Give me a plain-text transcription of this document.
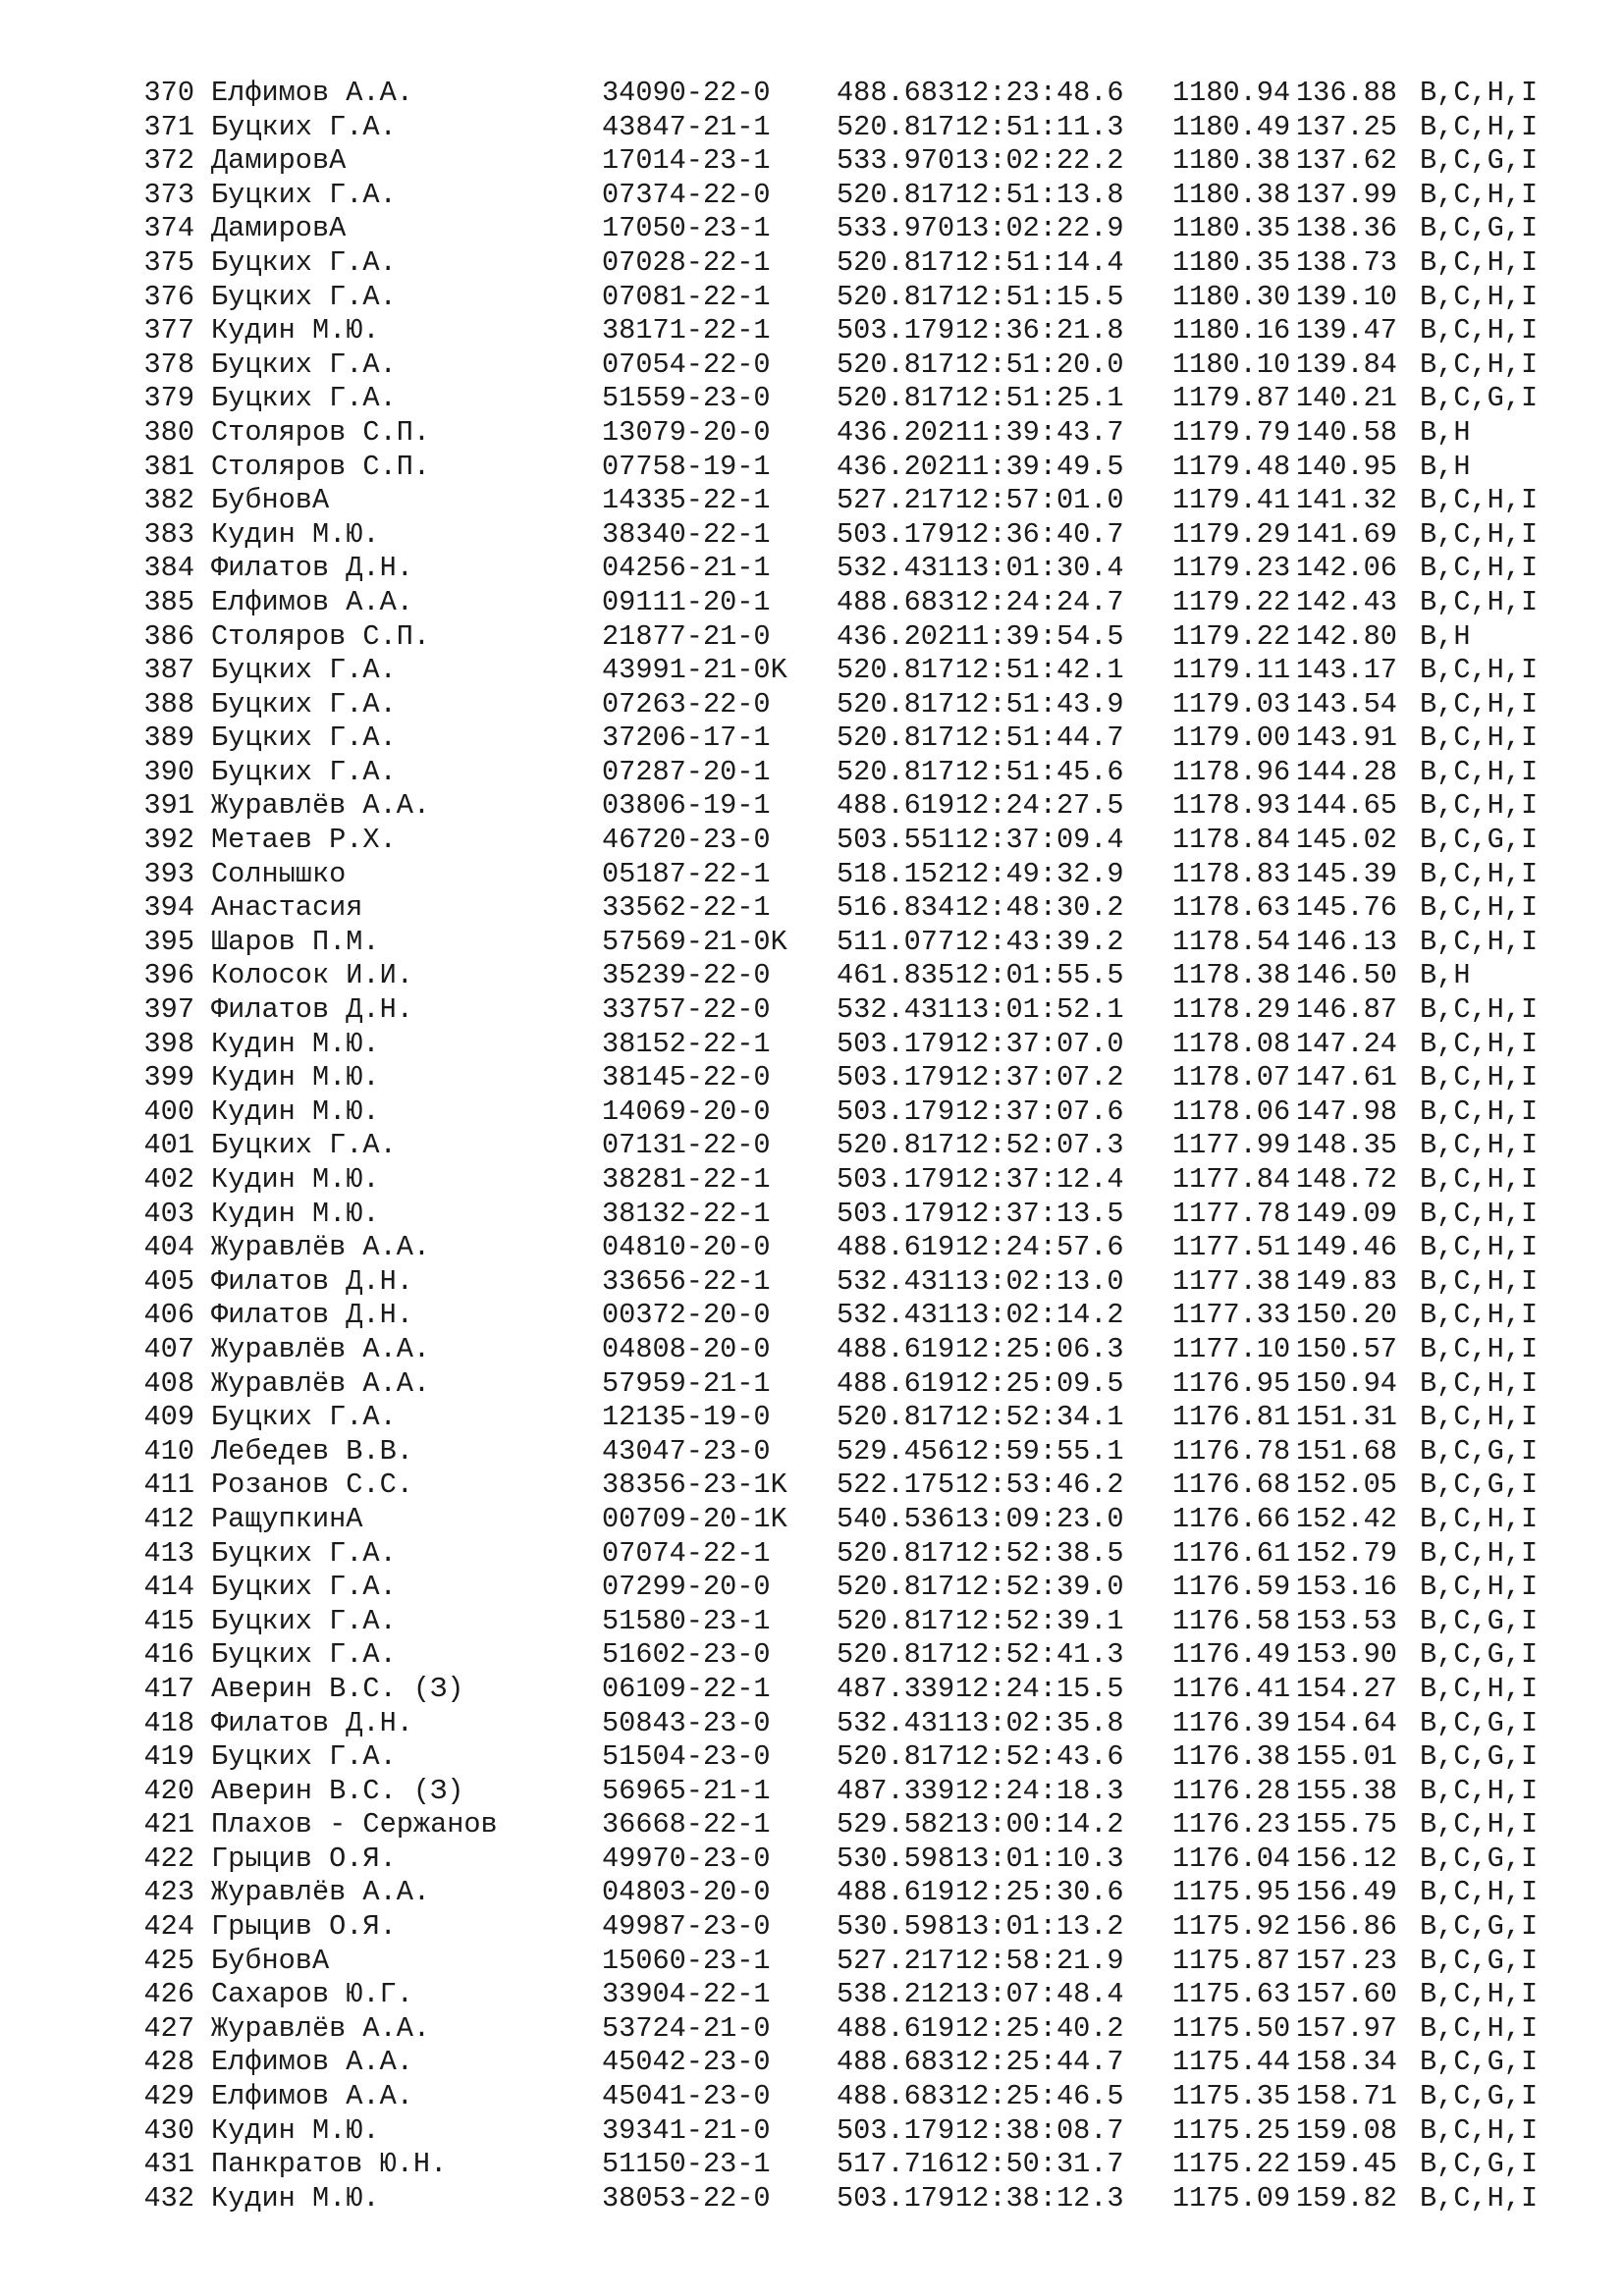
370 Елфимов А.А.	34090-22-0 488.68312:23:48.6 1180.94 136.88 B,C,H,I
371 Буцких Г.А.	43847-21-1 520.81712:51:11.3 1180.49 137.25 B,C,H,I
372 ДамировА	17014-23-1 533.97013:02:22.2 1180.38 137.62 B,C,G,I
373 Буцких Г.А.	07374-22-0 520.81712:51:13.8 1180.38 137.99 B,C,H,I
374 ДамировА	17050-23-1 533.97013:02:22.9 1180.35 138.36 B,C,G,I
375 Буцких Г.А.	07028-22-1 520.81712:51:14.4 1180.35 138.73 B,C,H,I
376 Буцких Г.А.	07081-22-1 520.81712:51:15.5 1180.30 139.10 B,C,H,I
377 Кудин М.Ю.	38171-22-1 503.17912:36:21.8 1180.16 139.47 B,C,H,I
378 Буцких Г.А.	07054-22-0 520.81712:51:20.0 1180.10 139.84 B,C,H,I
379 Буцких Г.А.	51559-23-0 520.81712:51:25.1 1179.87 140.21 B,C,G,I
380 Столяров С.П.	13079-20-0 436.20211:39:43.7 1179.79 140.58 B,H
381 Столяров С.П.	07758-19-1 436.20211:39:49.5 1179.48 140.95 B,H
382 БубновА	14335-22-1 527.21712:57:01.0 1179.41 141.32 B,C,H,I
383 Кудин М.Ю.	38340-22-1 503.17912:36:40.7 1179.29 141.69 B,C,H,I
384 Филатов Д.Н.	04256-21-1 532.43113:01:30.4 1179.23 142.06 B,C,H,I
385 Елфимов А.А.	09111-20-1 488.68312:24:24.7 1179.22 142.43 B,C,H,I
386 Столяров С.П.	21877-21-0 436.20211:39:54.5 1179.22 142.80 B,H
387 Буцких Г.А.	43991-21-0K 520.81712:51:42.1 1179.11 143.17 B,C,H,I
388 Буцких Г.А.	07263-22-0 520.81712:51:43.9 1179.03 143.54 B,C,H,I
389 Буцких Г.А.	37206-17-1 520.81712:51:44.7 1179.00 143.91 B,C,H,I
390 Буцких Г.А.	07287-20-1 520.81712:51:45.6 1178.96 144.28 B,C,H,I
391 Журавлёв А.А.	03806-19-1 488.61912:24:27.5 1178.93 144.65 B,C,H,I
392 Метаев Р.Х.	46720-23-0 503.55112:37:09.4 1178.84 145.02 B,C,G,I
393 Солнышко	05187-22-1 518.15212:49:32.9 1178.83 145.39 B,C,H,I
394 Анастасия	33562-22-1 516.83412:48:30.2 1178.63 145.76 B,C,H,I
395 Шаров П.М.	57569-21-0K 511.07712:43:39.2 1178.54 146.13 B,C,H,I
396 Колосок И.И.	35239-22-0 461.83512:01:55.5 1178.38 146.50 B,H
397 Филатов Д.Н.	33757-22-0 532.43113:01:52.1 1178.29 146.87 B,C,H,I
398 Кудин М.Ю.	38152-22-1 503.17912:37:07.0 1178.08 147.24 B,C,H,I
399 Кудин М.Ю.	38145-22-0 503.17912:37:07.2 1178.07 147.61 B,C,H,I
400 Кудин М.Ю.	14069-20-0 503.17912:37:07.6 1178.06 147.98 B,C,H,I
401 Буцких Г.А.	07131-22-0 520.81712:52:07.3 1177.99 148.35 B,C,H,I
402 Кудин М.Ю.	38281-22-1 503.17912:37:12.4 1177.84 148.72 B,C,H,I
403 Кудин М.Ю.	38132-22-1 503.17912:37:13.5 1177.78 149.09 B,C,H,I
404 Журавлёв А.А.	04810-20-0 488.61912:24:57.6 1177.51 149.46 B,C,H,I
405 Филатов Д.Н.	33656-22-1 532.43113:02:13.0 1177.38 149.83 B,C,H,I
406 Филатов Д.Н.	00372-20-0 532.43113:02:14.2 1177.33 150.20 B,C,H,I
407 Журавлёв А.А.	04808-20-0 488.61912:25:06.3 1177.10 150.57 B,C,H,I
408 Журавлёв А.А.	57959-21-1 488.61912:25:09.5 1176.95 150.94 B,C,H,I
409 Буцких Г.А.	12135-19-0 520.81712:52:34.1 1176.81 151.31 B,C,H,I
410 Лебедев В.В.	43047-23-0 529.45612:59:55.1 1176.78 151.68 B,C,G,I
411 Розанов С.С.	38356-23-1K 522.17512:53:46.2 1176.68 152.05 B,C,G,I
412 РащупкинА	00709-20-1K 540.53613:09:23.0 1176.66 152.42 B,C,H,I
413 Буцких Г.А.	07074-22-1 520.81712:52:38.5 1176.61 152.79 B,C,H,I
414 Буцких Г.А.	07299-20-0 520.81712:52:39.0 1176.59 153.16 B,C,H,I
415 Буцких Г.А.	51580-23-1 520.81712:52:39.1 1176.58 153.53 B,C,G,I
416 Буцких Г.А.	51602-23-0 520.81712:52:41.3 1176.49 153.90 B,C,G,I
417 Аверин В.С. (З)	06109-22-1 487.33912:24:15.5 1176.41 154.27 B,C,H,I
418 Филатов Д.Н.	50843-23-0 532.43113:02:35.8 1176.39 154.64 B,C,G,I
419 Буцких Г.А.	51504-23-0 520.81712:52:43.6 1176.38 155.01 B,C,G,I
420 Аверин В.С. (З)	56965-21-1 487.33912:24:18.3 1176.28 155.38 B,C,H,I
421 Плахов - Сержанов	36668-22-1 529.58213:00:14.2 1176.23 155.75 B,C,H,I
422 Грыцив О.Я.	49970-23-0 530.59813:01:10.3 1176.04 156.12 B,C,G,I
423 Журавлёв А.А.	04803-20-0 488.61912:25:30.6 1175.95 156.49 B,C,H,I
424 Грыцив О.Я.	49987-23-0 530.59813:01:13.2 1175.92 156.86 B,C,G,I
425 БубновА	15060-23-1 527.21712:58:21.9 1175.87 157.23 B,C,G,I
426 Сахаров Ю.Г.	33904-22-1 538.21213:07:48.4 1175.63 157.60 B,C,H,I
427 Журавлёв А.А.	53724-21-0 488.61912:25:40.2 1175.50 157.97 B,C,H,I
428 Елфимов А.А.	45042-23-0 488.68312:25:44.7 1175.44 158.34 B,C,G,I
429 Елфимов А.А.	45041-23-0 488.68312:25:46.5 1175.35 158.71 B,C,G,I
430 Кудин М.Ю.	39341-21-0 503.17912:38:08.7 1175.25 159.08 B,C,H,I
431 Панкратов Ю.Н.	51150-23-1 517.71612:50:31.7 1175.22 159.45 B,C,G,I
432 Кудин М.Ю.	38053-22-0 503.17912:38:12.3 1175.09 159.82 B,C,H,I
